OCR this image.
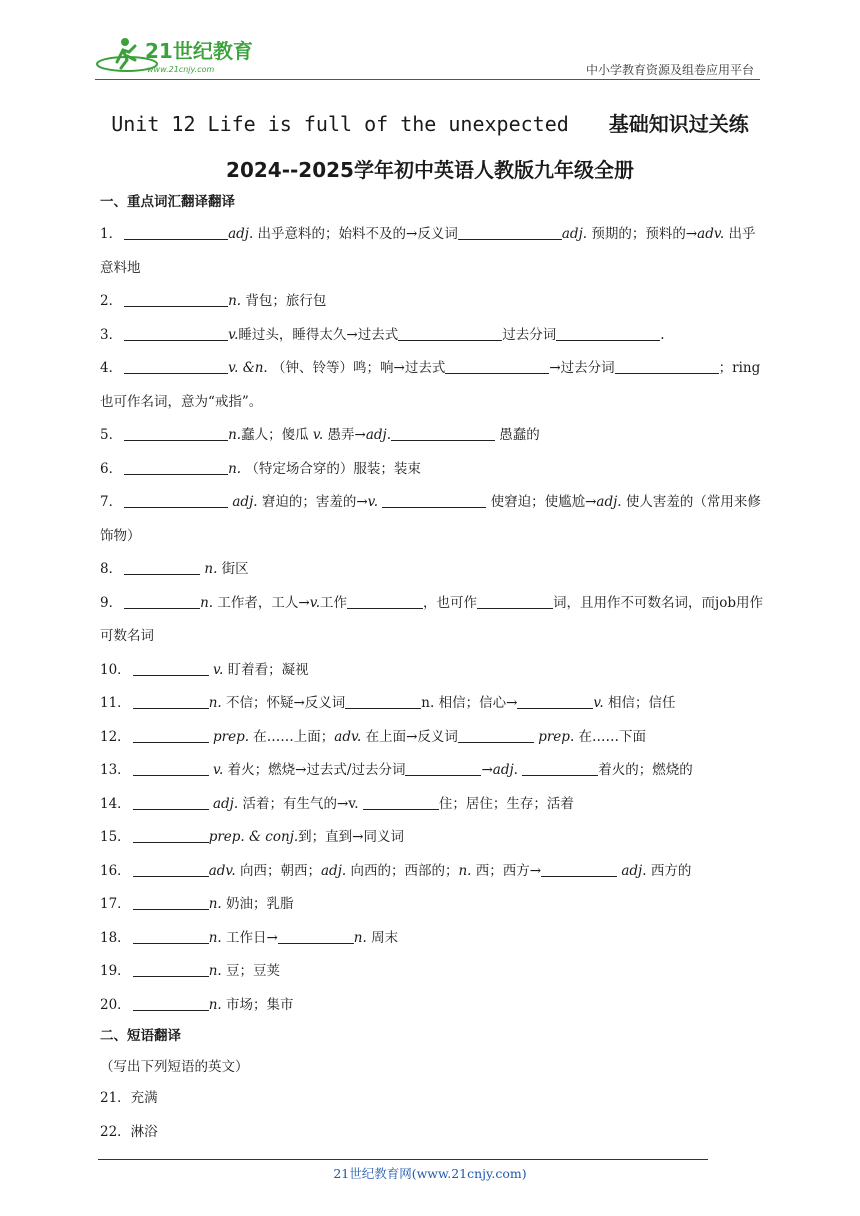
21世纪教育
www.21cnjy.com	中小学教育资源及组卷应用平台
Unit 12 Life is full of the unexpected 基础知识过关练
2024--2025学年初中英语人教版九年级全册
一、重点词汇翻译翻译
1．	adj. 出乎意料的；始料不及的→反义词	adj. 预期的；预料的→adv. 出乎意料地
2．	n. 背包；旅行包
3．	v.睡过头，睡得太久→过去式	过去分词	.
4．	v. &n. （钟、铃等）鸣；响→过去式	→过去分词	；ring也可作名词，意为“戒指”。
5．	n.蠢人；傻瓜 v. 愚弄→adj.	愚蠢的
6．	n. （特定场合穿的）服装；装束
7．	adj. 窘迫的；害羞的→v.	使窘迫；使尴尬→adj. 使人害羞的（常用来修饰物）
8．	n. 街区
9．	n. 工作者，工人→v.工作	，也可作	词，且用作不可数名词，而job用作可数名词
10．	v. 盯着看；凝视
11．	n. 不信；怀疑→反义词	n. 相信；信心→	v. 相信；信任
12．	prep. 在……上面；adv. 在上面→反义词	prep. 在……下面
13．	v. 着火；燃烧→过去式/过去分词	→adj.	着火的；燃烧的
14．	adj. 活着；有生气的→v.	住；居住；生存；活着
15．	prep. & conj.到；直到→同义词
16．	adv. 向西；朝西；adj. 向西的；西部的；n. 西；西方→	adj. 西方的
17．	n. 奶油；乳脂
18．	n. 工作日→	n. 周末
19．	n. 豆；豆荚
20．	n. 市场；集市
二、短语翻译
（写出下列短语的英文）
21．充满
22．淋浴
21世纪教育网(www.21cnjy.com)
